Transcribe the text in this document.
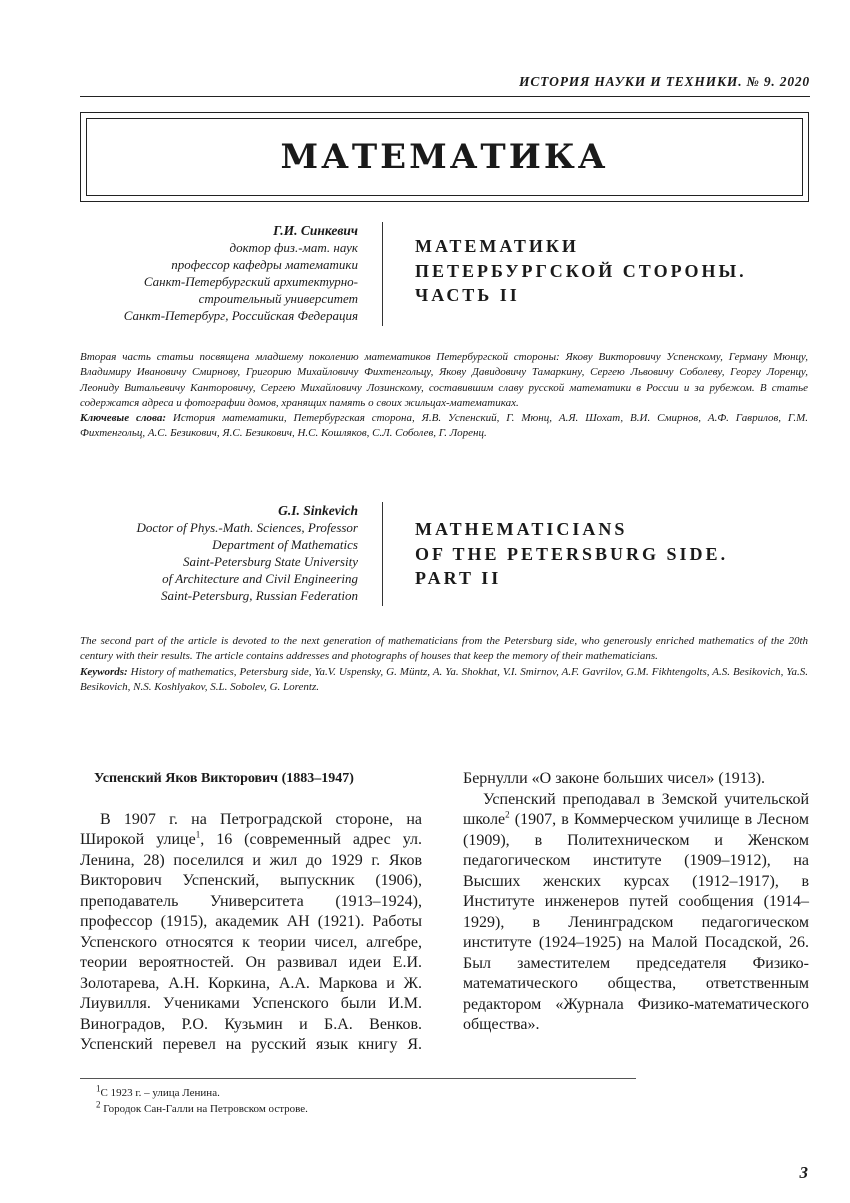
ИСТОРИЯ НАУКИ И ТЕХНИКИ. № 9. 2020
МАТЕМАТИКА
Г.И. Синкевич
доктор физ.-мат. наук
профессор кафедры математики
Санкт-Петербургский архитектурно-
строительный университет
Санкт-Петербург, Российская Федерация
МАТЕМАТИКИ
ПЕТЕРБУРГСКОЙ СТОРОНЫ.
ЧАСТЬ II
Вторая часть статьи посвящена младшему поколению математиков Петербургской стороны: Якову Викторовичу Успенскому, Герману Мюнцу, Владимиру Ивановичу Смирнову, Григорию Михайловичу Фихтенгольцу, Якову Давидовичу Тамаркину, Сергею Львовичу Соболеву, Георгу Лоренцу, Леониду Витальевичу Канторовичу, Сергею Михайловичу Лозинскому, составившим славу русской математики в России и за рубежом. В статье содержатся адреса и фотографии домов, хранящих память о своих жильцах-математиках.
Ключевые слова: История математики, Петербургская сторона, Я.В. Успенский, Г. Мюнц, А.Я. Шохат, В.И. Смирнов, А.Ф. Гаврилов, Г.М. Фихтенгольц, А.С. Безикович, Я.С. Безикович, Н.С. Кошляков, С.Л. Соболев, Г. Лоренц.
G.I. Sinkevich
Doctor of Phys.-Math. Sciences, Professor
Department of Mathematics
Saint-Petersburg State University
of Architecture and Civil Engineering
Saint-Petersburg, Russian Federation
MATHEMATICIANS
OF THE PETERSBURG SIDE.
PART II
The second part of the article is devoted to the next generation of mathematicians from the Petersburg side, who generously enriched mathematics of the 20th century with their results. The article contains addresses and photographs of houses that keep the memory of their mathematicians.
Keywords: History of mathematics, Petersburg side, Ya.V. Uspensky, G. Müntz, A. Ya. Shokhat, V.I. Smirnov, A.F. Gavrilov, G.M. Fikhtengolts, A.S. Besikovich, Ya.S. Besikovich, N.S. Koshlyakov, S.L. Sobolev, G. Lorentz.

Успенский Яков Викторович (1883–1947)

В 1907 г. на Петроградской стороне, на Широкой улице$^1$, 16 (современный адрес ул. Ленина, 28) поселился и жил до 1929 г. Яков Викторович Успенский, выпускник (1906), преподаватель Университета (1913–1924), профессор (1915), академик АН (1921). Работы Успенского относятся к теории чисел, алгебре, теории вероятностей. Он развивал идеи Е.И. Золотарева, А.Н. Коркина, А.А. Маркова и Ж. Лиувилля. Учениками Успенского были И.М. Виноградов, Р.О. Кузьмин и Б.А. Венков. Успенский перевел на русский язык книгу Я.

Бернулли «О законе больших чисел» (1913).

Успенский преподавал в Земской учительской школе$^2$ (1907, в Коммерческом училище в Лесном (1909), в Политехническом и Женском педагогическом институте (1909–1912), на Высших женских курсах (1912–1917), в Институте инженеров путей сообщения (1914–1929), в Ленинградском педагогическом институте (1924–1925) на Малой Посадской, 26. Был заместителем председателя Физико-математического общества, ответственным редактором «Журнала Физико-математического общества».

$^1$С 1923 г. – улица Ленина.

$^2$ Городок Сан-Галли на Петровском острове.

3
